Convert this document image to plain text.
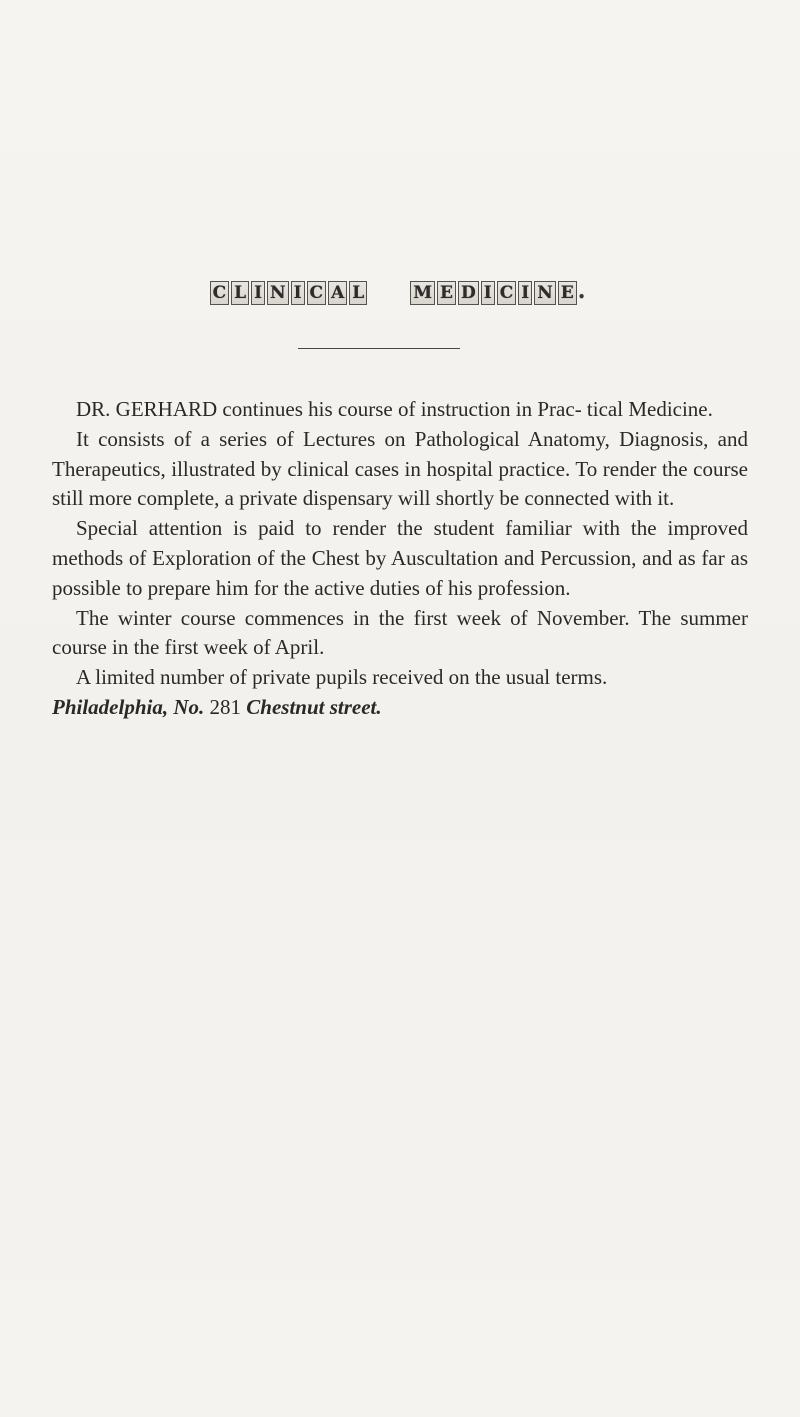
C L I N I C A L	M E D I C I N E .

DR. GERHARD continues his course of instruction in Prac- tical Medicine.

It consists of a series of Lectures on Pathological Anatomy, Diagnosis, and Therapeutics, illustrated by clinical cases in hospital practice. To render the course still more complete, a private dispensary will shortly be connected with it.

Special attention is paid to render the student familiar with the improved methods of Exploration of the Chest by Auscultation and Percussion, and as far as possible to prepare him for the active duties of his profession.

The winter course commences in the first week of November. The summer course in the first week of April.

A limited number of private pupils received on the usual terms.

Philadelphia, No. 281 Chestnut street.
